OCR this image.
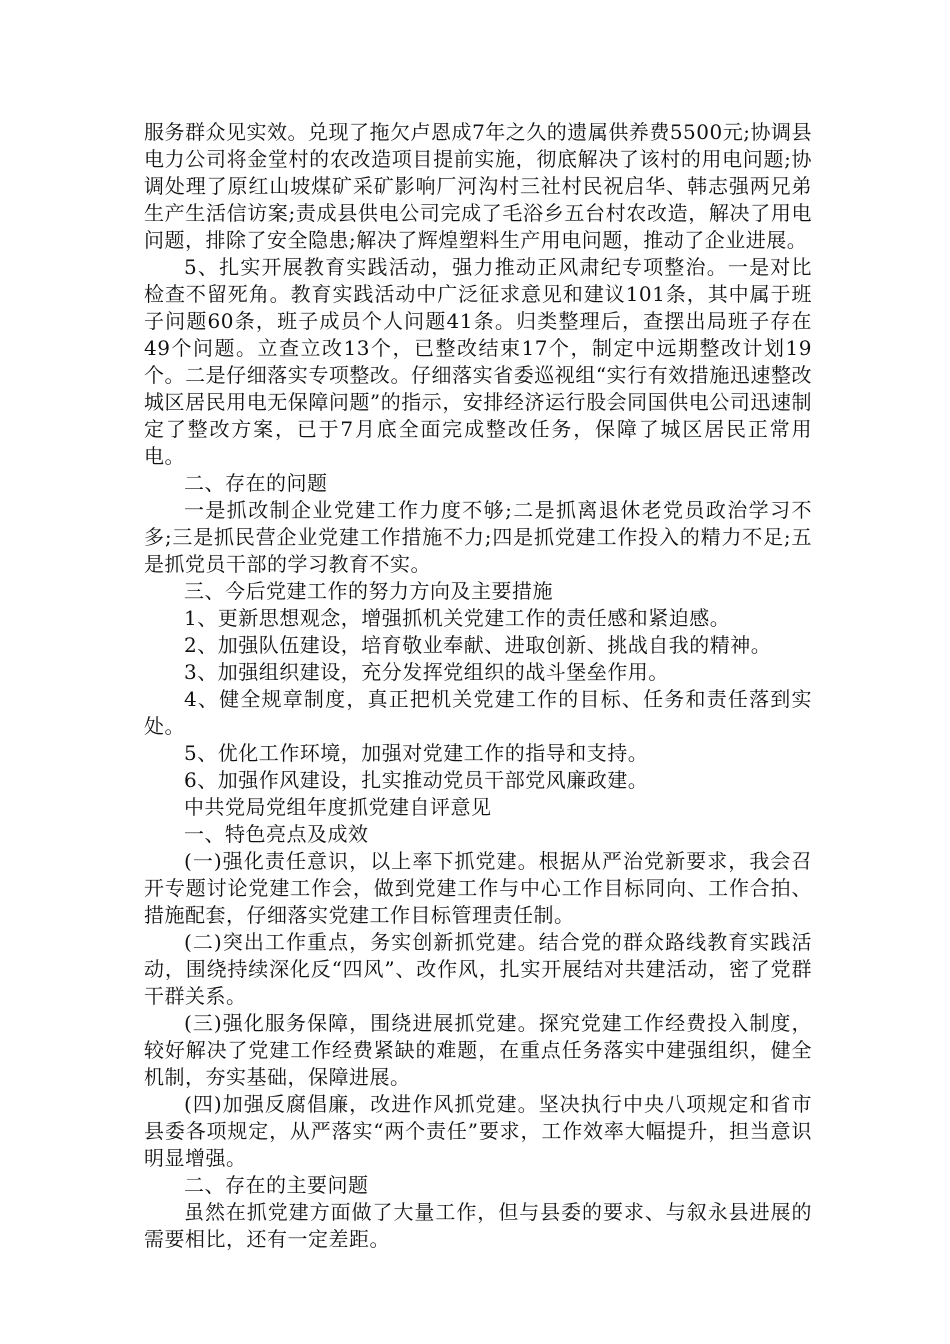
服务群众见实效。兑现了拖欠卢恩成7年之久的遗属供养费5500元;协调县电力公司将金堂村的农改造项目提前实施，彻底解决了该村的用电问题;协调处理了原红山坡煤矿采矿影响厂河沟村三社村民祝启华、韩志强两兄弟生产生活信访案;责成县供电公司完成了毛浴乡五台村农改造，解决了用电问题，排除了安全隐患;解决了辉煌塑料生产用电问题，推动了企业进展。

5、扎实开展教育实践活动，强力推动正风肃纪专项整治。一是对比检查不留死角。教育实践活动中广泛征求意见和建议101条，其中属于班子问题60条，班子成员个人问题41条。归类整理后，查摆出局班子存在49个问题。立查立改13个，已整改结束17个，制定中远期整改计划19个。二是仔细落实专项整改。仔细落实省委巡视组“实行有效措施迅速整改城区居民用电无保障问题”的指示，安排经济运行股会同国供电公司迅速制定了整改方案，已于7月底全面完成整改任务，保障了城区居民正常用电。

二、存在的问题

一是抓改制企业党建工作力度不够;二是抓离退休老党员政治学习不多;三是抓民营企业党建工作措施不力;四是抓党建工作投入的精力不足;五是抓党员干部的学习教育不实。

三、今后党建工作的努力方向及主要措施

1、更新思想观念，增强抓机关党建工作的责任感和紧迫感。

2、加强队伍建设，培育敬业奉献、进取创新、挑战自我的精神。

3、加强组织建设，充分发挥党组织的战斗堡垒作用。

4、健全规章制度，真正把机关党建工作的目标、任务和责任落到实处。

5、优化工作环境，加强对党建工作的指导和支持。

6、加强作风建设，扎实推动党员干部党风廉政建。

中共党局党组年度抓党建自评意见

一、特色亮点及成效

(一)强化责任意识，以上率下抓党建。根据从严治党新要求，我会召开专题讨论党建工作会，做到党建工作与中心工作目标同向、工作合拍、措施配套，仔细落实党建工作目标管理责任制。

(二)突出工作重点，务实创新抓党建。结合党的群众路线教育实践活动，围绕持续深化反“四风”、改作风，扎实开展结对共建活动，密了党群干群关系。

(三)强化服务保障，围绕进展抓党建。探究党建工作经费投入制度，较好解决了党建工作经费紧缺的难题，在重点任务落实中建强组织，健全机制，夯实基础，保障进展。

(四)加强反腐倡廉，改进作风抓党建。坚决执行中央八项规定和省市县委各项规定，从严落实“两个责任”要求，工作效率大幅提升，担当意识明显增强。

二、存在的主要问题

虽然在抓党建方面做了大量工作，但与县委的要求、与叙永县进展的需要相比，还有一定差距。
